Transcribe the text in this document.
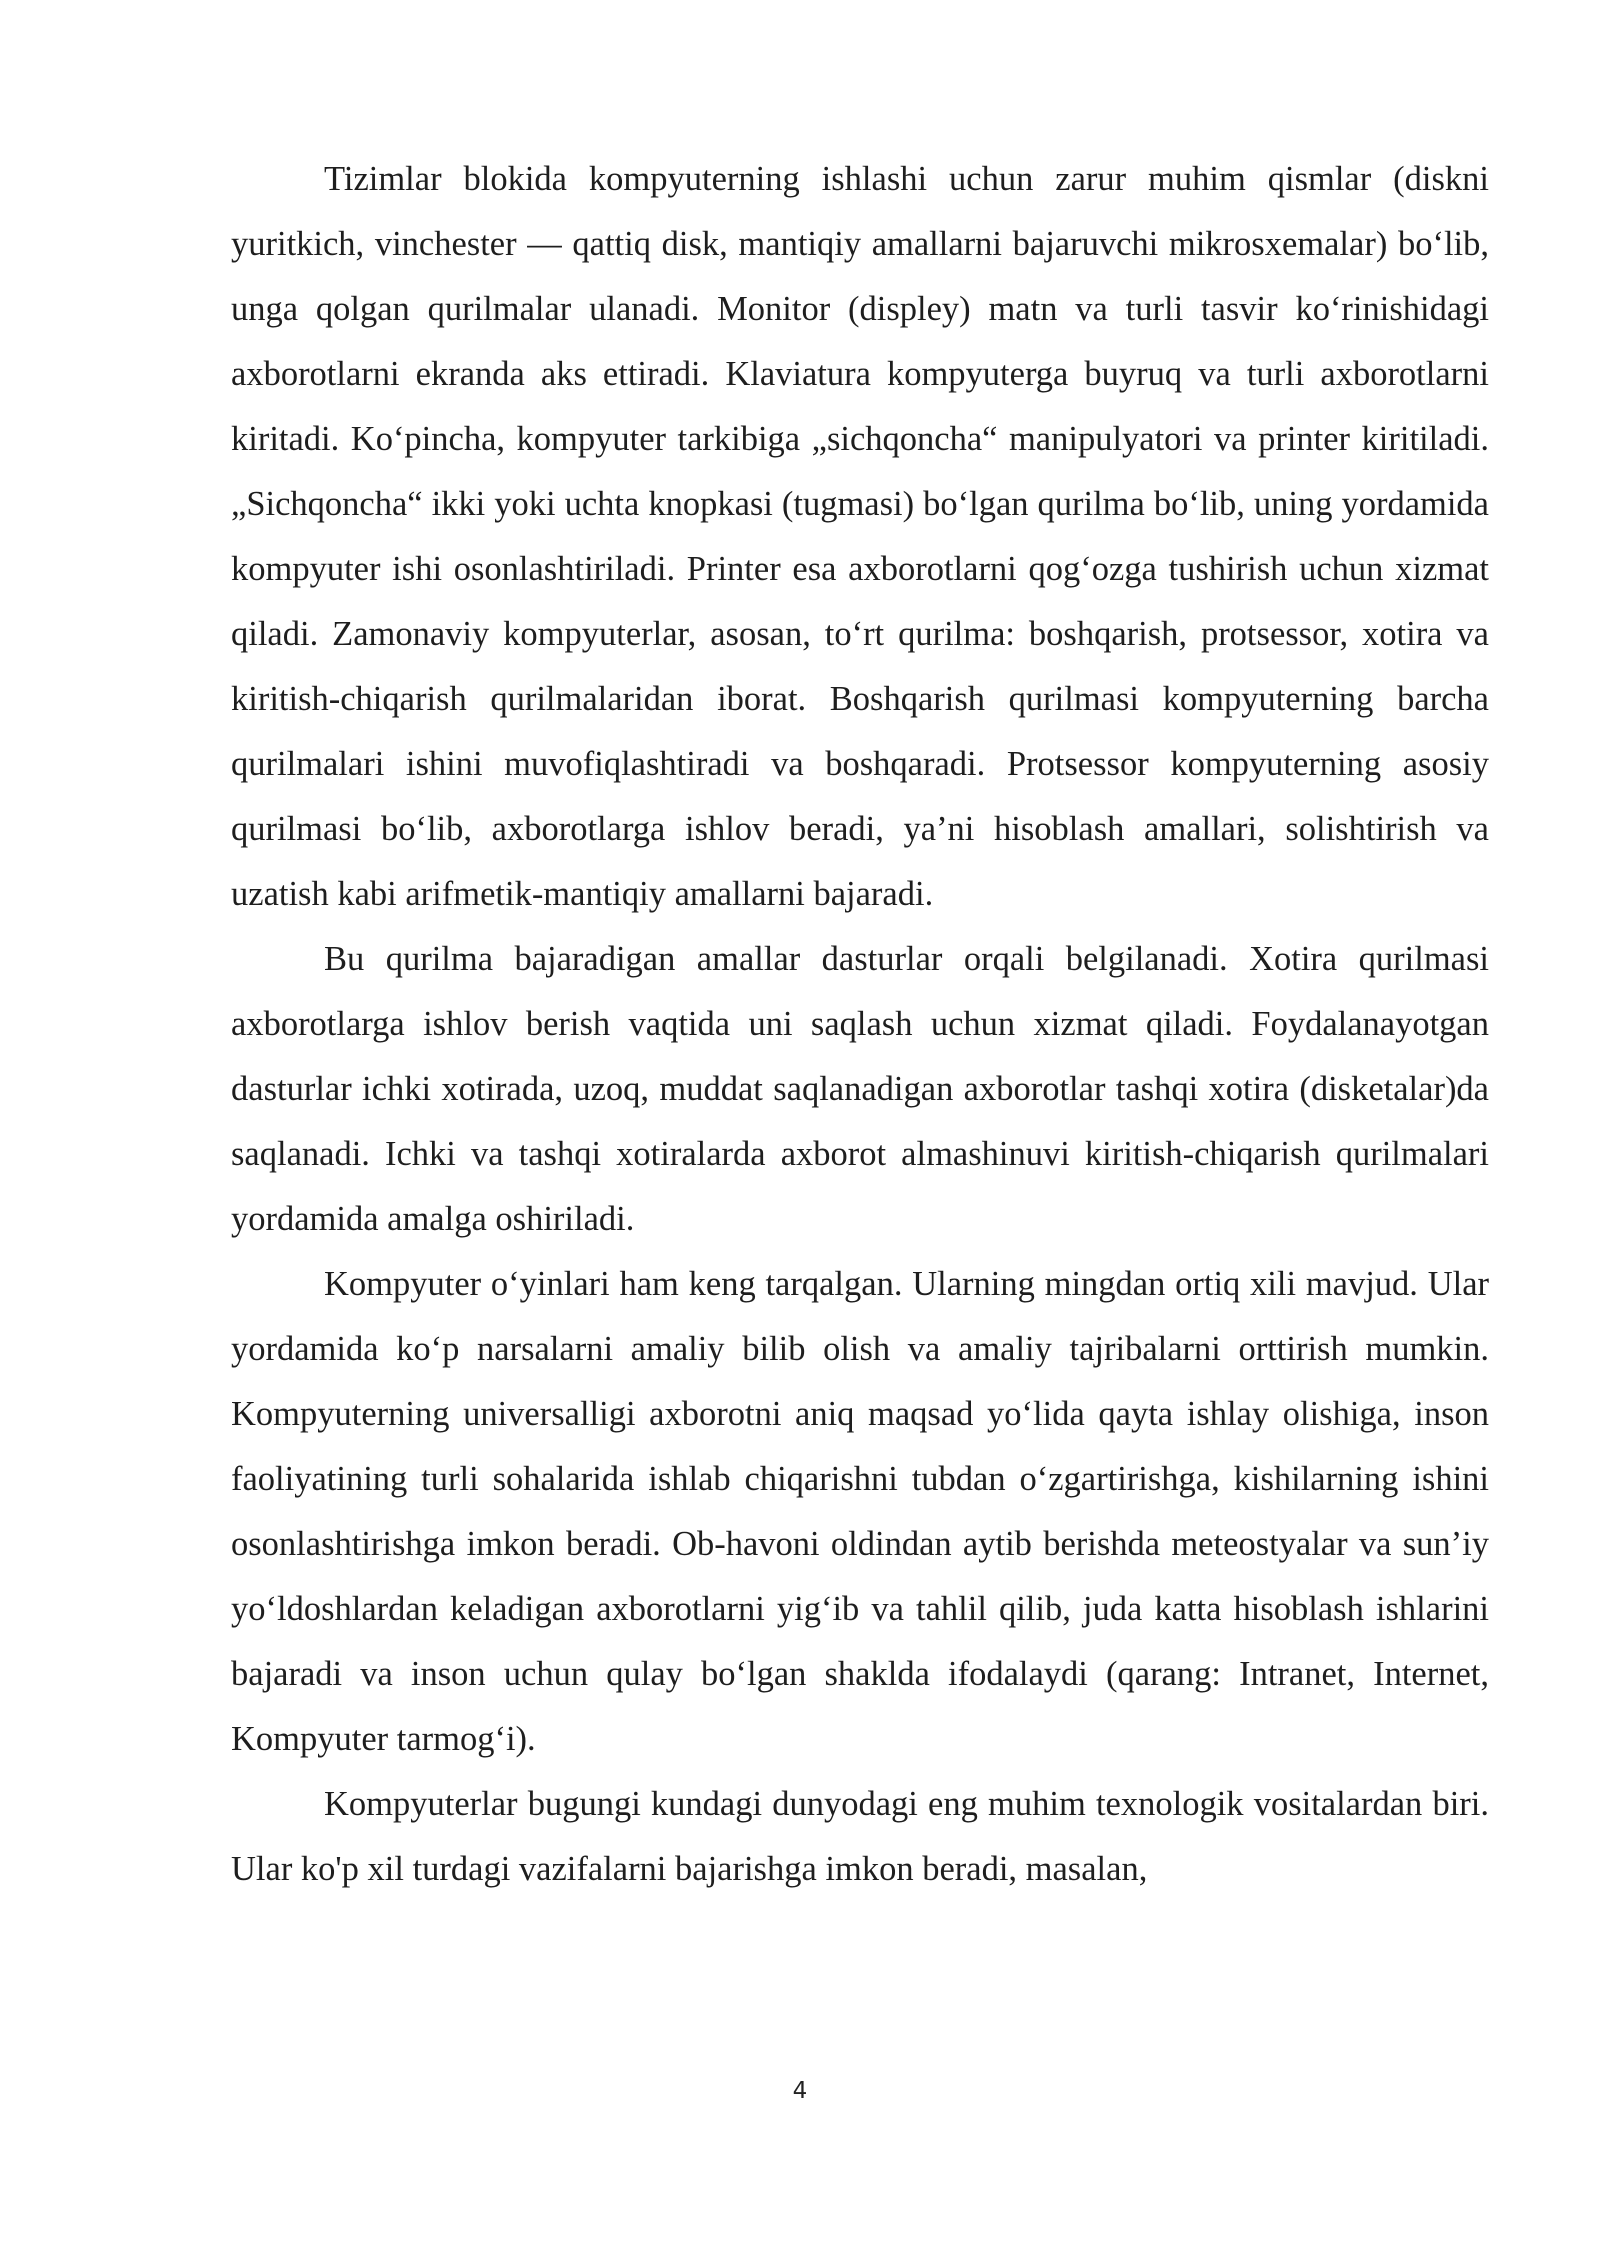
Tizimlar blokida kompyuterning ishlashi uchun zarur muhim qismlar (diskni yuritkich, vinchester — qattiq disk, mantiqiy amallarni bajaruvchi mikrosxemalar) bo‘lib, unga qolgan qurilmalar ulanadi. Monitor (displey) matn va turli tasvir ko‘rinishidagi axborotlarni ekranda aks ettiradi. Klaviatura kompyuterga buyruq va turli axborotlarni kiritadi. Ko‘pincha, kompyuter tarkibiga „sichqoncha“ manipulyatori va printer kiritiladi. „Sichqoncha“ ikki yoki uchta knopkasi (tugmasi) bo‘lgan qurilma bo‘lib, uning yordamida kompyuter ishi osonlashtiriladi. Printer esa axborotlarni qog‘ozga tushirish uchun xizmat qiladi. Zamonaviy kompyuterlar, asosan, to‘rt qurilma: boshqarish, protsessor, xotira va kiritish-chiqarish qurilmalaridan iborat. Boshqarish qurilmasi kompyuterning barcha qurilmalari ishini muvofiqlashtiradi va boshqaradi. Protsessor kompyuterning asosiy qurilmasi bo‘lib, axborotlarga ishlov beradi, ya’ni hisoblash amallari, solishtirish va uzatish kabi arifmetik-mantiqiy amallarni bajaradi.

Bu qurilma bajaradigan amallar dasturlar orqali belgilanadi. Xotira qurilmasi axborotlarga ishlov berish vaqtida uni saqlash uchun xizmat qiladi. Foydalanayotgan dasturlar ichki xotirada, uzoq, muddat saqlanadigan axborotlar tashqi xotira (disketalar)da saqlanadi. Ichki va tashqi xotiralarda axborot almashinuvi kiritish-chiqarish qurilmalari yordamida amalga oshiriladi.

Kompyuter o‘yinlari ham keng tarqalgan. Ularning mingdan ortiq xili mavjud. Ular yordamida ko‘p narsalarni amaliy bilib olish va amaliy tajribalarni orttirish mumkin. Kompyuterning universalligi axborotni aniq maqsad yo‘lida qayta ishlay olishiga, inson faoliyatining turli sohalarida ishlab chiqarishni tubdan o‘zgartirishga, kishilarning ishini osonlashtirishga imkon beradi. Ob-havoni oldindan aytib berishda meteostyalar va sun’iy yo‘ldoshlardan keladigan axborotlarni yig‘ib va tahlil qilib, juda katta hisoblash ishlarini bajaradi va inson uchun qulay bo‘lgan shaklda ifodalaydi (qarang: Intranet, Internet, Kompyuter tarmog‘i).

Kompyuterlar bugungi kundagi dunyodagi eng muhim texnologik vositalardan biri. Ular ko'p xil turdagi vazifalarni bajarishga imkon beradi, masalan,

4
